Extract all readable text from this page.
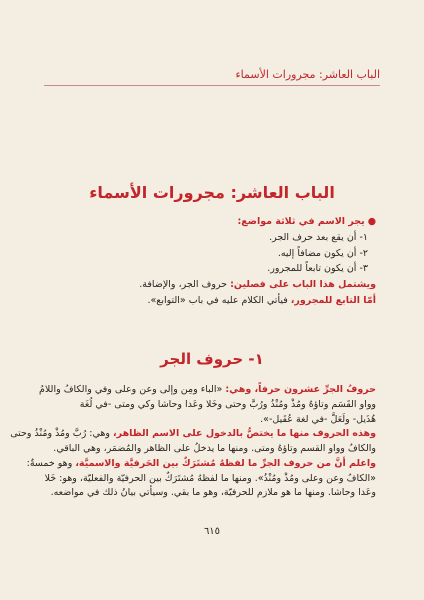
الباب العاشر: مجرورات الأسماء
الباب العاشر: مجرورات الأسماء
● يجر الاسم في ثلاثة مواضع:
١- أن يقع بعد حرف الجر.
٢- أن يكون مضافاً إليه.
٣- أن يكون تابعاً للمجرور.
ويشتمل هذا الباب على فصلين: حروف الجر، والإضافة.
أمّا التابع للمجرور، فيأتي الكلام عليه في باب «التوابع».
١- حروف الجر
حروفُ الجرِّ عشرون حرفاً، وهي: «الباء ومِن وإلى وعن وعلى وفي والكافُ واللامُ
وواو القَسَم وتاؤهُ ومُذْ ومُنْذُ ورُبَّ وحتى وخَلا وعَدا وحاشا وكي ومتى -في لُغَة
هُذَيل- ولَعَلَّ -في لغة عُقَيل-».
وهذه الحروف منها ما يختصُّ بالدخول على الاسم الظاهر، وهي: رُبَّ ومُذْ ومُنْذُ وحتى
والكافُ وواو القسم وتاؤهُ ومتى. ومنها ما يدخلُ على الظاهر والمُضمَر، وهي الباقي.
واعلم أنَّ من حروف الجرِّ ما لفظهُ مُشتَرَكٌ بين الحَرفيَّة والاسميَّة، وهو خمسةٌ:
«الكافُ وعن وعلى ومُذْ ومُنْذُ». ومنها ما لفظهُ مُشتَرَكٌ بين الحرفيّة والفعليّة، وهو: خَلا
وعَدا وحاشا. ومنها ما هو ملازم للحرفيّة، وهو ما بقي. وسيأتي بيانُ ذلك في مواضعه.
٦١٥
